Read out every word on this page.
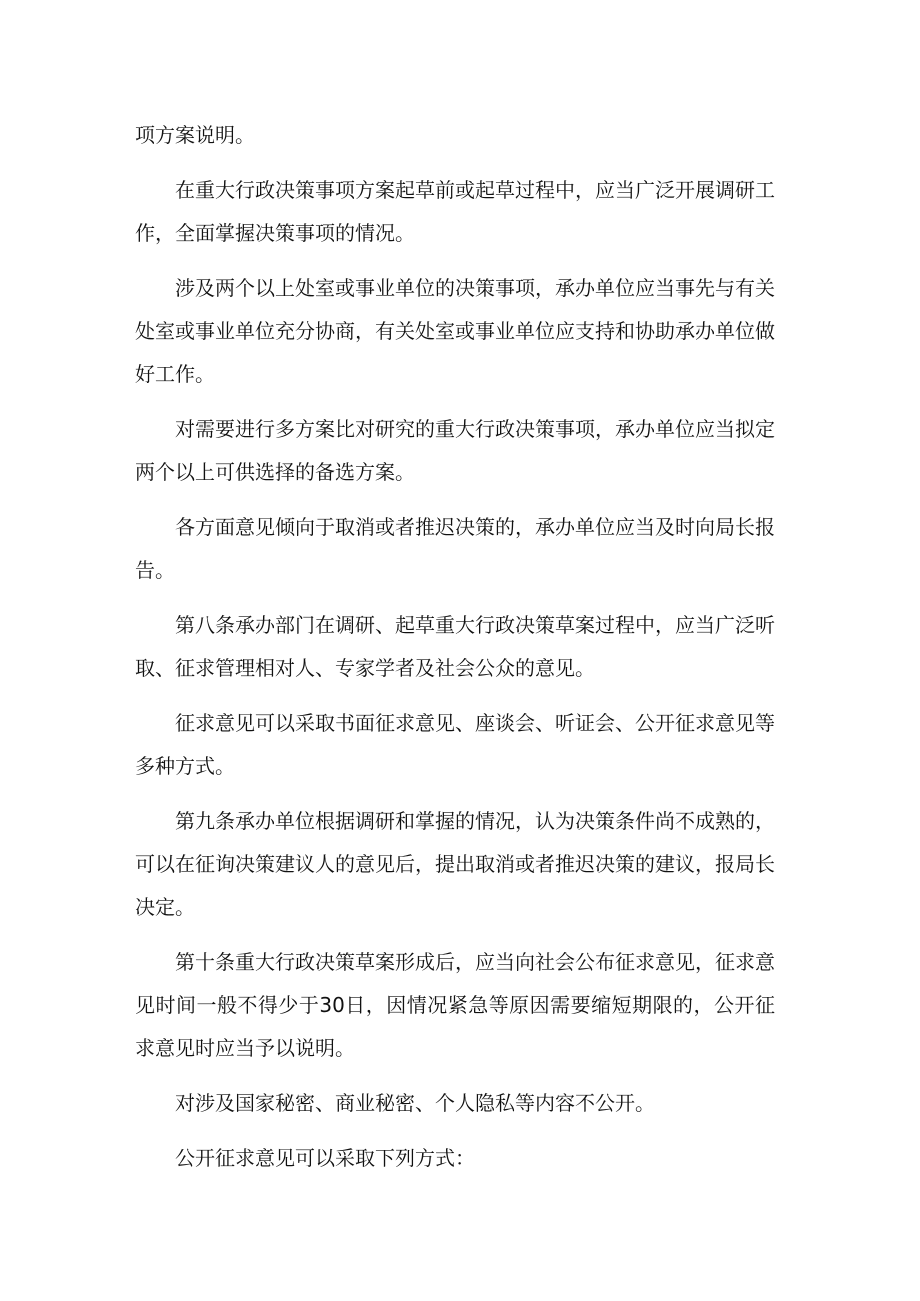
项方案说明。

在重大行政决策事项方案起草前或起草过程中，应当广泛开展调研工作，全面掌握决策事项的情况。

涉及两个以上处室或事业单位的决策事项，承办单位应当事先与有关处室或事业单位充分协商，有关处室或事业单位应支持和协助承办单位做好工作。

对需要进行多方案比对研究的重大行政决策事项，承办单位应当拟定两个以上可供选择的备选方案。

各方面意见倾向于取消或者推迟决策的，承办单位应当及时向局长报告。

第八条承办部门在调研、起草重大行政决策草案过程中，应当广泛听取、征求管理相对人、专家学者及社会公众的意见。

征求意见可以采取书面征求意见、座谈会、听证会、公开征求意见等多种方式。

第九条承办单位根据调研和掌握的情况，认为决策条件尚不成熟的，可以在征询决策建议人的意见后，提出取消或者推迟决策的建议，报局长决定。

第十条重大行政决策草案形成后，应当向社会公布征求意见，征求意见时间一般不得少于30日，因情况紧急等原因需要缩短期限的，公开征求意见时应当予以说明。

对涉及国家秘密、商业秘密、个人隐私等内容不公开。

公开征求意见可以采取下列方式：
